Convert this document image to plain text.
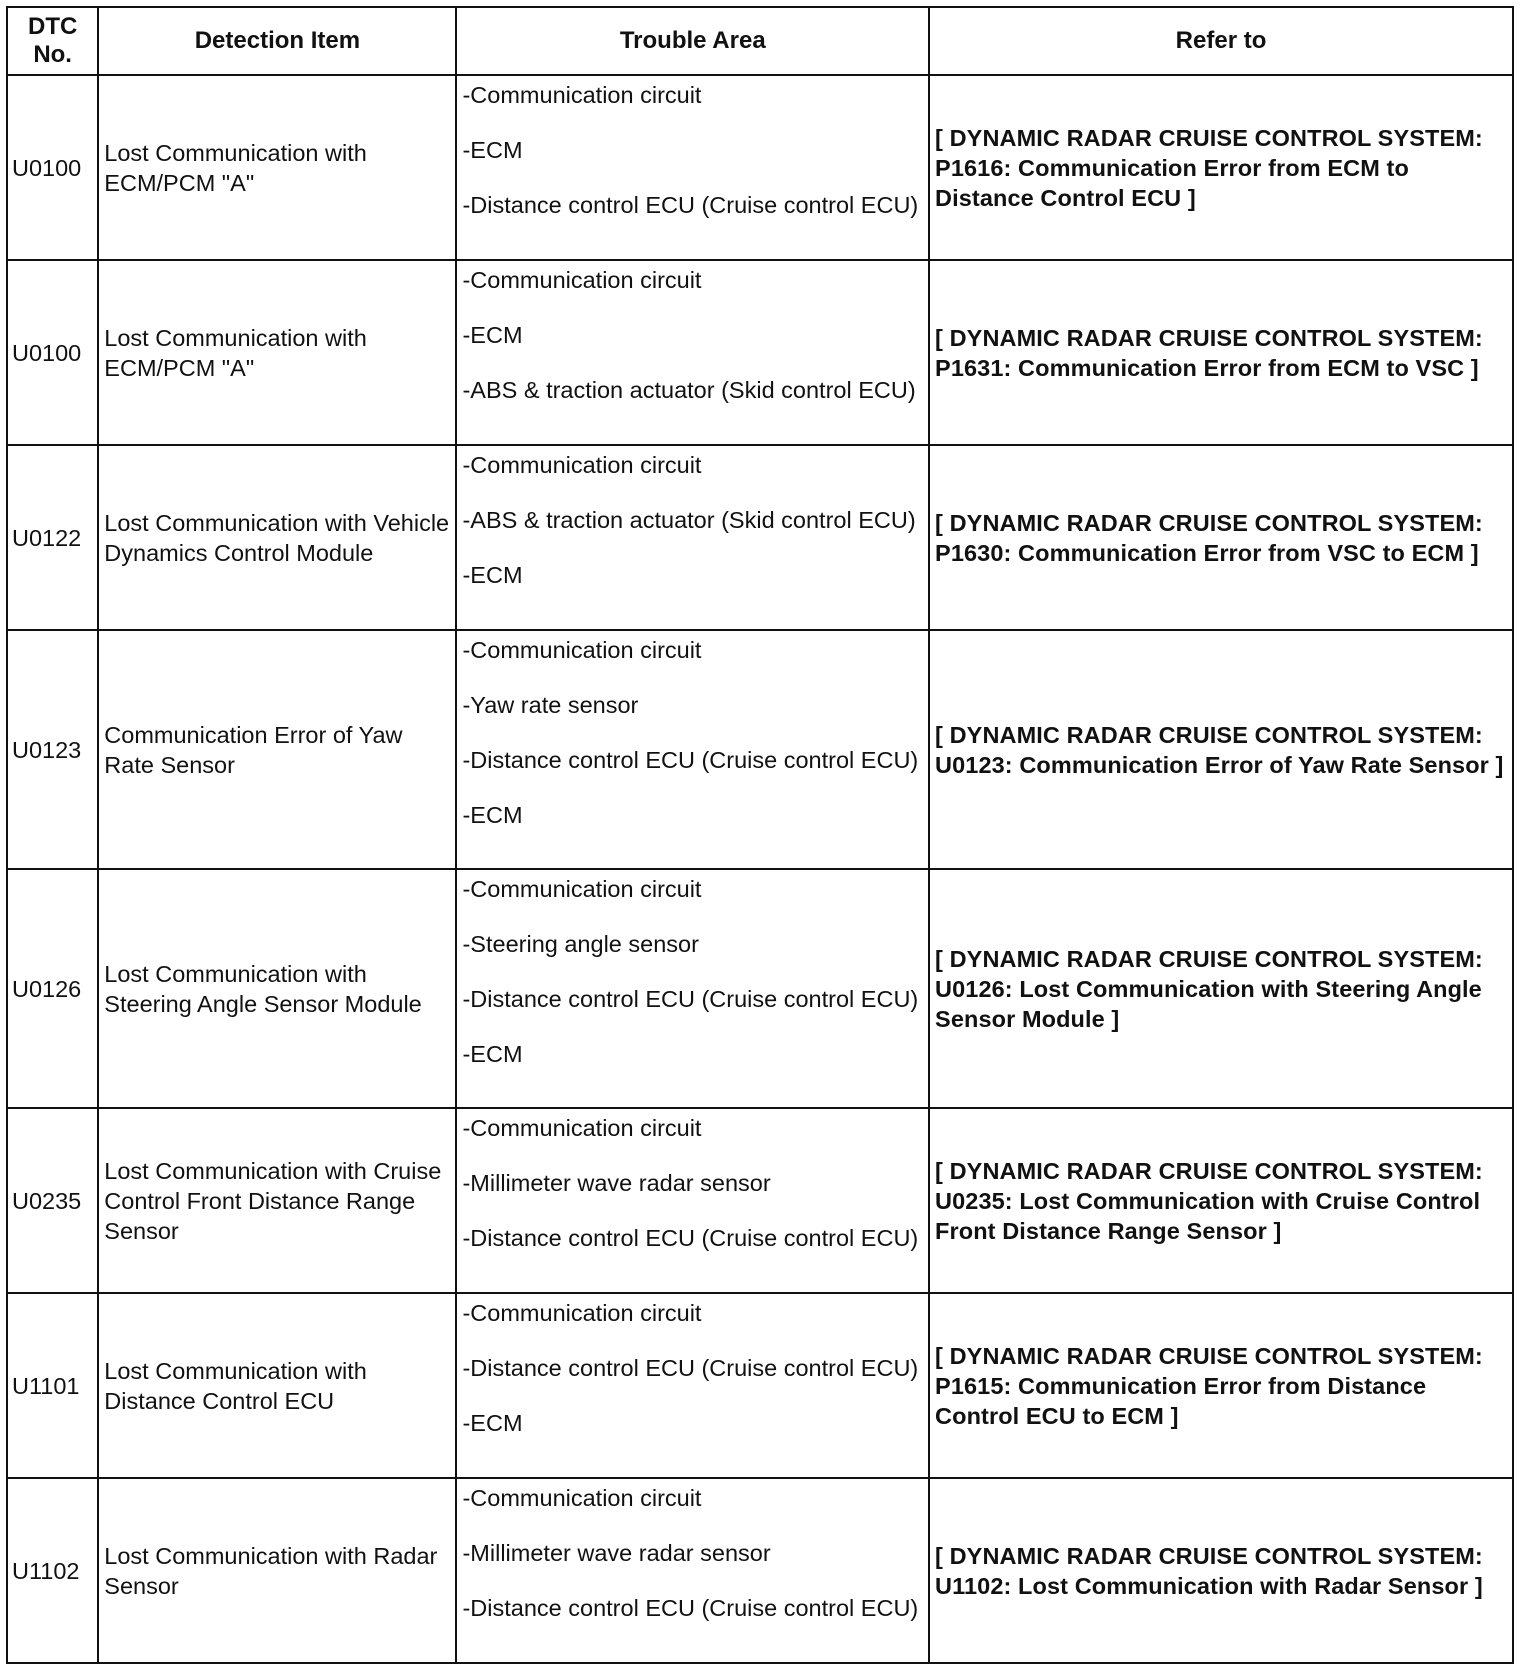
DTC No.	Detection Item	Trouble Area	Refer to
U0100	Lost Communication with ECM/PCM "A"	-Communication circuit
-ECM
-Distance control ECU (Cruise control ECU)	[ DYNAMIC RADAR CRUISE CONTROL SYSTEM: P1616: Communication Error from ECM to Distance Control ECU ]
U0100	Lost Communication with ECM/PCM "A"	-Communication circuit
-ECM
-ABS & traction actuator (Skid control ECU)	[ DYNAMIC RADAR CRUISE CONTROL SYSTEM: P1631: Communication Error from ECM to VSC ]
U0122	Lost Communication with Vehicle Dynamics Control Module	-Communication circuit
-ABS & traction actuator (Skid control ECU)
-ECM	[ DYNAMIC RADAR CRUISE CONTROL SYSTEM: P1630: Communication Error from VSC to ECM ]
U0123	Communication Error of Yaw Rate Sensor	-Communication circuit
-Yaw rate sensor
-Distance control ECU (Cruise control ECU)
-ECM	[ DYNAMIC RADAR CRUISE CONTROL SYSTEM: U0123: Communication Error of Yaw Rate Sensor ]
U0126	Lost Communication with Steering Angle Sensor Module	-Communication circuit
-Steering angle sensor
-Distance control ECU (Cruise control ECU)
-ECM	[ DYNAMIC RADAR CRUISE CONTROL SYSTEM: U0126: Lost Communication with Steering Angle Sensor Module ]
U0235	Lost Communication with Cruise Control Front Distance Range Sensor	-Communication circuit
-Millimeter wave radar sensor
-Distance control ECU (Cruise control ECU)	[ DYNAMIC RADAR CRUISE CONTROL SYSTEM: U0235: Lost Communication with Cruise Control Front Distance Range Sensor ]
U1101	Lost Communication with Distance Control ECU	-Communication circuit
-Distance control ECU (Cruise control ECU)
-ECM	[ DYNAMIC RADAR CRUISE CONTROL SYSTEM: P1615: Communication Error from Distance Control ECU to ECM ]
U1102	Lost Communication with Radar Sensor	-Communication circuit
-Millimeter wave radar sensor
-Distance control ECU (Cruise control ECU)	[ DYNAMIC RADAR CRUISE CONTROL SYSTEM: U1102: Lost Communication with Radar Sensor ]
